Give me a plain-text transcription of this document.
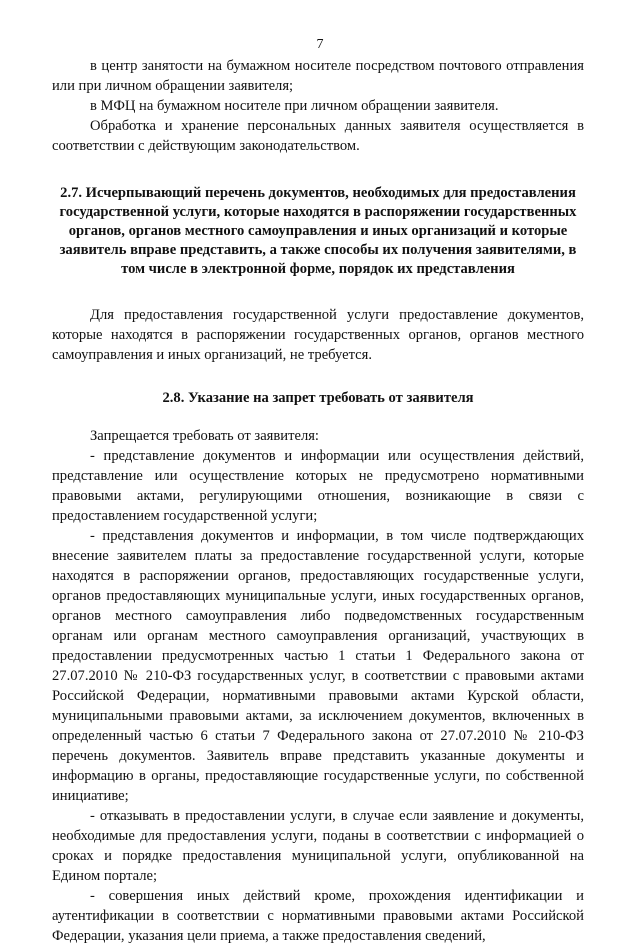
7

в центр занятости на бумажном носителе посредством почтового отправления или при личном обращении заявителя;

в МФЦ на бумажном носителе при личном обращении заявителя.

Обработка и хранение персональных данных заявителя осуществляется в соответствии с действующим законодательством.

2.7. Исчерпывающий перечень документов, необходимых для предоставления государственной услуги, которые находятся в распоряжении государственных органов, органов местного самоуправления и иных организаций и которые заявитель вправе представить, а также способы их получения заявителями, в том числе в электронной форме, порядок их представления

Для предоставления государственной услуги предоставление документов, которые находятся в распоряжении государственных органов, органов местного самоуправления и иных организаций, не требуется.

2.8. Указание на запрет требовать от заявителя

Запрещается требовать от заявителя:

- представление документов и информации или осуществления действий, представление или осуществление которых не предусмотрено нормативными правовыми актами, регулирующими отношения, возникающие в связи с предоставлением государственной услуги;

- представления документов и информации, в том числе подтверждающих внесение заявителем платы за предоставление государственной услуги, которые находятся в распоряжении органов, предоставляющих государственные услуги, органов предоставляющих муниципальные услуги, иных государственных органов, органов местного самоуправления либо подведомственных государственным органам или органам местного самоуправления организаций, участвующих в предоставлении предусмотренных частью 1 статьи 1 Федерального закона от 27.07.2010 № 210-ФЗ государственных услуг, в соответствии с правовыми актами Российской Федерации, нормативными правовыми актами Курской области, муниципальными правовыми актами, за исключением документов, включенных в определенный частью 6 статьи 7 Федерального закона от 27.07.2010 № 210-ФЗ перечень документов. Заявитель вправе представить указанные документы и информацию в органы, предоставляющие государственные услуги, по собственной инициативе;

- отказывать в предоставлении услуги, в случае если заявление и документы, необходимые для предоставления услуги, поданы в соответствии с информацией о сроках и порядке предоставления муниципальной услуги, опубликованной на Едином портале;

- совершения иных действий кроме, прохождения идентификации и аутентификации в соответствии с нормативными правовыми актами Российской Федерации, указания цели приема, а также предоставления сведений,
